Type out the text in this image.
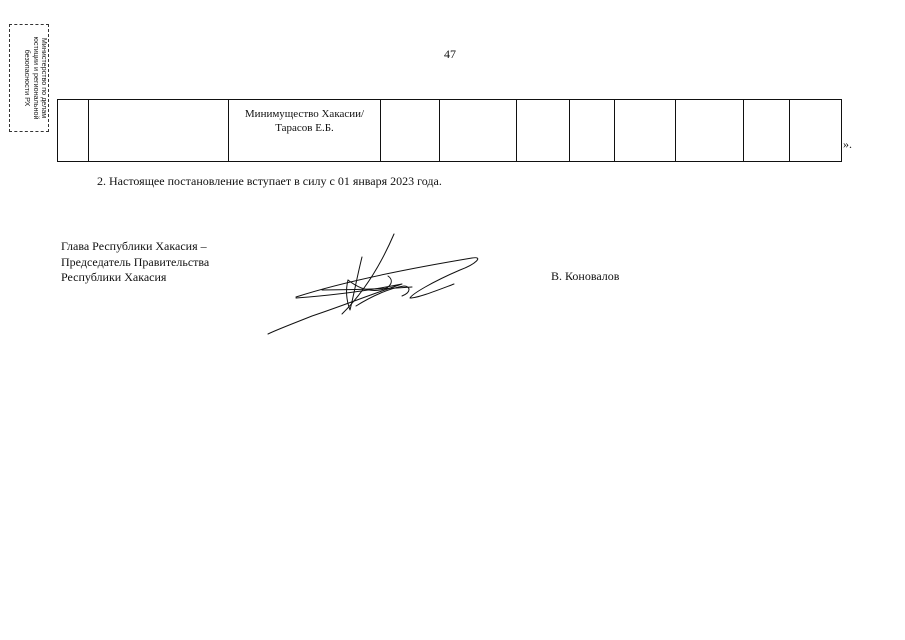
Министерство по делам
юстиции и региональной
безопасности РХ	47

Минимущество Хакасии/
Тарасов Е.Б.

».
2. Настоящее постановление вступает в силу с 01 января 2023 года.
Глава Республики Хакасия –
Председатель Правительства
Республики Хакасия	В. Коновалов
